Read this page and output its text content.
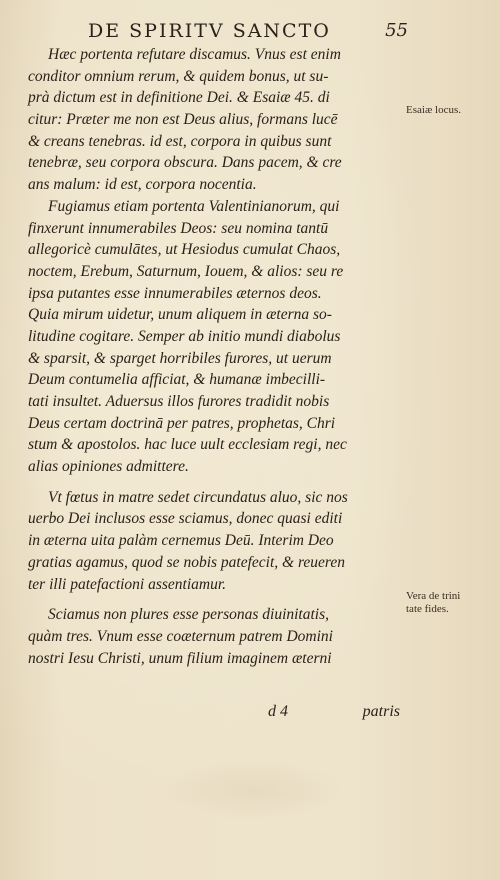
DE SPIRITV SANCTO	55
Hæc portenta refutare discamus. Vnus est enim
conditor omnium rerum, & quidem bonus, ut su-
prà dictum est in definitione Dei. & Esaiæ 45. di
citur: Præter me non est Deus alius, formans lucē
& creans tenebras. id est, corpora in quibus sunt
tenebræ, seu corpora obscura. Dans pacem, & cre
ans malum: id est, corpora nocentia.
Fugiamus etiam portenta Valentinianorum, qui
finxerunt innumerabiles Deos: seu nomina tantū
allegoricè cumulātes, ut Hesiodus cumulat Chaos,
noctem, Erebum, Saturnum, Iouem, & alios: seu re
ipsa putantes esse innumerabiles æternos deos.
Quia mirum uidetur, unum aliquem in æterna so-
litudine cogitare. Semper ab initio mundi diabolus
& sparsit, & sparget horribiles furores, ut uerum
Deum contumelia afficiat, & humanæ imbecilli-
tati insultet. Aduersus illos furores tradidit nobis
Deus certam doctrinā per patres, prophetas, Chri
stum & apostolos. hac luce uult ecclesiam regi, nec
alias opiniones admittere.
Vt fœtus in matre sedet circundatus aluo, sic nos
uerbo Dei inclusos esse sciamus, donec quasi editi
in æterna uita palàm cernemus Deū. Interim Deo
gratias agamus, quod se nobis patefecit, & reueren
ter illi patefactioni assentiamur.
Sciamus non plures esse personas diuinitatis,
quàm tres. Vnum esse coæternum patrem Domini
nostri Iesu Christi, unum filium imaginem æterni
Esaiæ locus.
Vera de trini
tate fides.
d 4	patris
